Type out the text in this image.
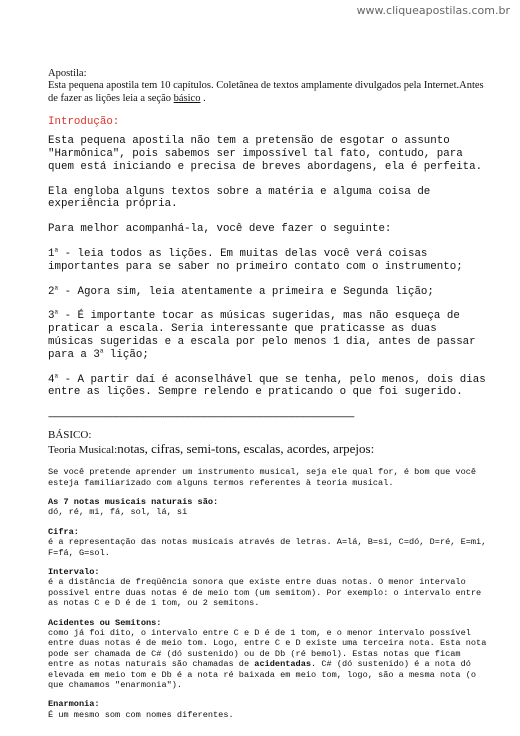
www.cliqueapostilas.com.br

Apostila:
Esta pequena apostila tem 10 capítulos. Coletânea de textos amplamente divulgados pela Internet.Antes de fazer as lições leia a seção básico .

Introdução:

Esta pequena apostila não tem a pretensão de esgotar o assunto "Harmônica", pois sabemos ser impossível tal fato, contudo, para quem está iniciando e precisa de breves abordagens, ela é perfeita.

Ela engloba alguns textos sobre a matéria e alguma coisa de experiência própria.

Para melhor acompanhá-la, você deve fazer o seguinte:

1$^a$ - leia todos as lições. Em muitas delas você verá coisas importantes para se saber no primeiro contato com o instrumento;

2$^a$ - Agora sim, leia atentamente a primeira e Segunda lição;

3$^a$ - É importante tocar as músicas sugeridas, mas não esqueça de praticar a escala. Seria interessante que praticasse as duas músicas sugeridas e a escala por pelo menos 1 dia, antes de passar para a 3$^a$ lição;

4$^a$ - A partir daí é aconselhável que se tenha, pelo menos, dois dias entre as lições. Sempre relendo e praticando o que foi sugerido.

--------------------------------------------------------------------------------------------------------------------------------------------------------------------------

BÁSICO:

Teoria Musical:notas, cifras, semi-tons, escalas, acordes, arpejos:

Se você pretende aprender um instrumento musical, seja ele qual for, é bom que você esteja familiarizado com alguns termos referentes à teoria musical.

As 7 notas musicais naturais são:
dó, ré, mi, fá, sol, lá, si

Cifra:
é a representação das notas musicais através de letras. A=lá, B=si, C=dó, D=ré, E=mi, F=fá, G=sol.

Intervalo:
é a distância de freqüência sonora que existe entre duas notas. O menor intervalo possível entre duas notas é de meio tom (um semitom). Por exemplo: o intervalo entre as notas C e D é de 1 tom, ou 2 semitons.

Acidentes ou Semitons:
como já foi dito, o intervalo entre C e D é de 1 tom, e o menor intervalo possível entre duas notas é de meio tom. Logo, entre C e D existe uma terceira nota. Esta nota pode ser chamada de C# (dó sustenido) ou de Db (ré bemol). Estas notas que ficam entre as notas naturais são chamadas de acidentadas. C# (dó sustenido) é a nota dó elevada em meio tom e Db é a nota ré baixada em meio tom, logo, são a mesma nota (o que chamamos "enarmonia").

Enarmonia:
É um mesmo som com nomes diferentes.
